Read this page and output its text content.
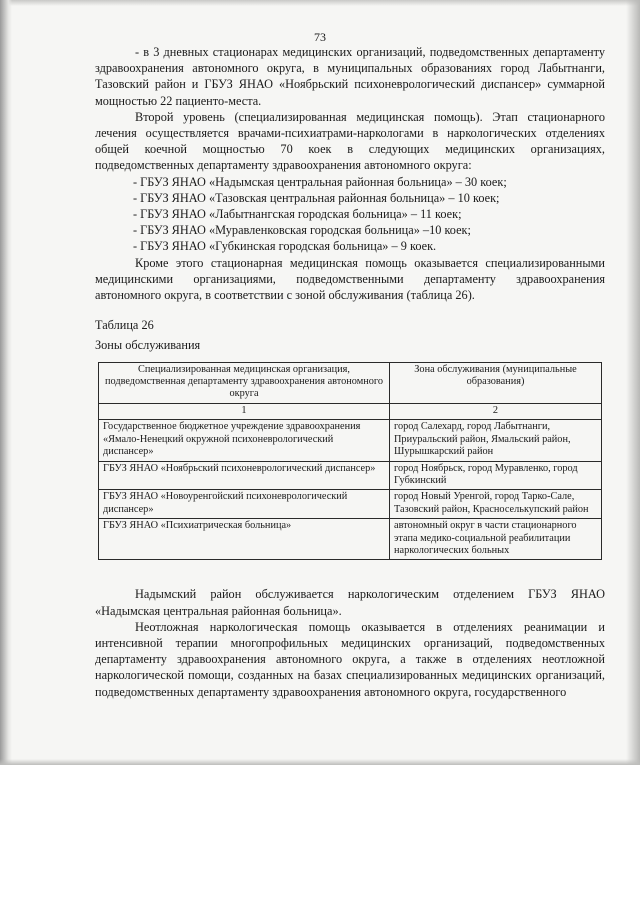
73

- в 3 дневных стационарах медицинских организаций, подведомственных департаменту здравоохранения автономного округа, в муниципальных образованиях город Лабытнанги, Тазовский район и ГБУЗ ЯНАО «Ноябрьский психоневрологический диспансер» суммарной мощностью 22 пациенто-места.

Второй уровень (специализированная медицинская помощь). Этап стационарного лечения осуществляется врачами-психиатрами-наркологами в наркологических отделениях общей коечной мощностью 70 коек в следующих медицинских организациях, подведомственных департаменту здравоохранения автономного округа:

- ГБУЗ ЯНАО «Надымская центральная районная больница» – 30 коек;

- ГБУЗ ЯНАО «Тазовская центральная районная больница» – 10 коек;

- ГБУЗ ЯНАО «Лабытнангская городская больница» – 11 коек;

- ГБУЗ ЯНАО «Муравленковская городская больница» –10 коек;

- ГБУЗ ЯНАО «Губкинская городская больница» – 9 коек.

Кроме этого стационарная медицинская помощь оказывается специализированными медицинскими организациями, подведомственными департаменту здравоохранения автономного округа, в соответствии с зоной обслуживания (таблица 26).

Таблица 26

Зоны обслуживания

Специализированная медицинская организация, подведомственная департаменту здравоохранения автономного округа	Зона обслуживания (муниципальные образования)
1	2
Государственное бюджетное учреждение здравоохранения «Ямало-Ненецкий окружной психоневрологический диспансер»	город Салехард, город Лабытнанги, Приуральский район, Ямальский район, Шурышкарский район
ГБУЗ ЯНАО «Ноябрьский психоневрологический диспансер»	город Ноябрьск, город Муравленко, город Губкинский
ГБУЗ ЯНАО «Новоуренгойский психоневрологический диспансер»	город Новый Уренгой, город Тарко-Сале, Тазовский район, Красноселькупский район
ГБУЗ ЯНАО «Психиатрическая больница»	автономный округ в части стационарного этапа медико-социальной реабилитации наркологических больных

Надымский район обслуживается наркологическим отделением ГБУЗ ЯНАО «Надымская центральная районная больница».

Неотложная наркологическая помощь оказывается в отделениях реанимации и интенсивной терапии многопрофильных медицинских организаций, подведомственных департаменту здравоохранения автономного округа, а также в отделениях неотложной наркологической помощи, созданных на базах специализированных медицинских организаций, подведомственных департаменту здравоохранения автономного округа, государственного
